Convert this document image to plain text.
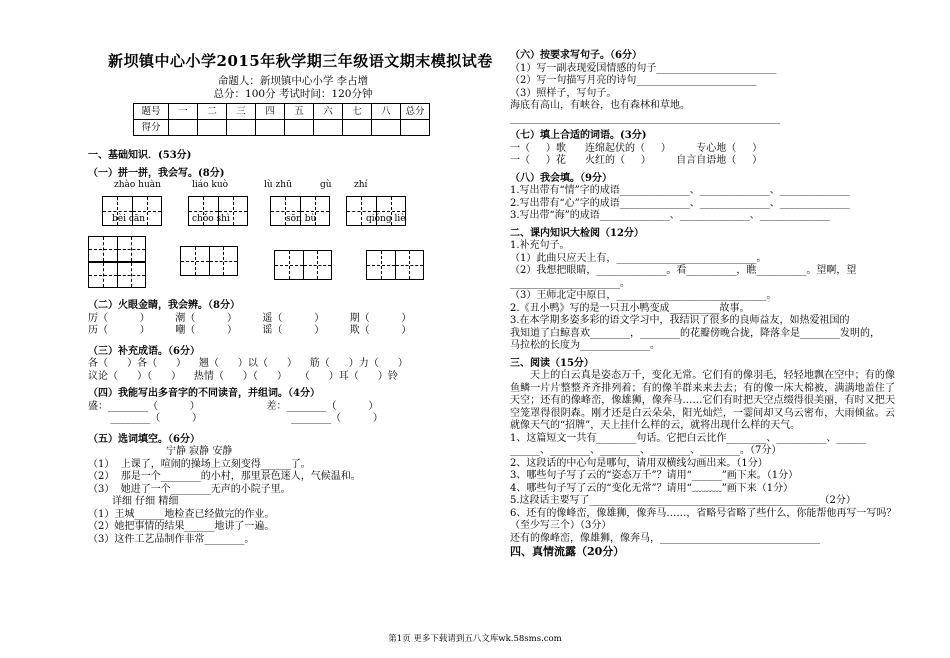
新坝镇中心小学2015年秋学期三年级语文期末模拟试卷
命题人：新坝镇中心小学 李占增
总分：100分 考试时间：120分钟
题号	一	二	三	四	五	六	七	八	总分
得分									
一、基础知识．(53分)
（一）拼一拼，我会写。(8分)
zhào huàn	liáo kuò	lù zhū	gù zhí
bèi cān	chǒo shì	sōn bù	qióng liè
（二）火眼金睛，我会辨。（8分）
厉（          ）        潮（          ）        遥（          ）        期（          ）
历（          ）        嘲（          ）        谣（          ）        欺（          ）
（三）补充成语。（6分）
各（      ）各（      ）    翘（      ）以（      ）    筋（      ）力（      ）
议论（      ）（      ）    热情（      ）（      ）    （      ）耳（      ）铃
（四）我能写出多音字的不同读音，并组词。（4分）
盛：________（          ）                     差：________（          ）
________（          ）                            ________（          ）
（五）选词填空。（6分）
宁静 寂静 安静
（1）  上课了，喧闹的操场上立刻变得______了。
（2）  那是一个________的小村，那里景色迷人，气候温和。
（3）  她进了一个________无声的小院子里。
详细 仔细 精细
（1）王城______地检查已经做完的作业。
（2）她把事情的结果______地讲了一遍。
（3）这件工艺品制作非常________。
（六）按要求写句子。（6分）
（1）写一副表现爱国情感的句子________________________
（2）写一句描写月亮的诗句________________________
（3）照样子，写句子。
海底有高山，有峡谷，也有森林和草地。
______________________________________________________
（七）填上合适的词语。(3分)
一（     ）歌      连绵起伏的（     ）        专心地（     ）
一（     ）花      火红的（     ）        自言自语地（     ）
（八）我会填。（9分）
1.写出带有“情”字的成语______________、______________、______________
2.写出带有“心”字的成语______________、______________、______________
3.写出带“海”的成语______________、______________、______________
二、课内知识大检阅（12分）
1.补充句子。
（1）此曲只应天上有，____________________________。
（2）我想把眼睛，______________。看__________，瞧__________。望啊，望
______________________。
（3）王师北定中原日，______________________________。
2.《丑小鸭》写的是一只丑小鸭变成__________故事。
3.在本学期多姿多彩的语文学习中，我结识了很多的良师益友，如热爱祖国的
我知道了白鲸喜欢________，________的花瓣傍晚合拢，降落伞是________发明的，
马拉松的长度为______________。
三、阅读（15分）
天上的白云真是姿态万千，变化无常。它们有的像羽毛，轻轻地飘在空中；有的像鱼鳞一片片整整齐齐排列着；有的像羊群来来去去；有的像一床大棉被，满满地盖住了天空；还有的像峰峦，像雄狮，像奔马……它们有时把天空点缀得很美丽，有时又把天空笼罩得很阴森。刚才还是白云朵朵，阳光灿烂，一霎间却又乌云密布，大雨倾盆。云就像天气的“招牌”，天上挂什么样的云，就将出现什么样的天气。
1、这篇短文一共有________句话。它把白云比作________、__________、______
______、________、________、________、________。（7分）
2、这段话的中心句是哪句，请用双横线勾画出来。（1分）
3、哪些句子写了云的“姿态万千”？请用“______”画下来。（1分）
4、哪些句子写了云的“变化无常”？请用“﹏﹏﹏”画下来（1分）
5.这段话主要写了______________________________________________（2分）
6、还有的像峰峦，像雄狮，像奔马……，省略号省略了些什么，你能帮他再写一写吗？
（至少写三个）（3分）
还有的像峰峦，像雄狮，像奔马，________________________________
四、真情流露（20分）
第1页 更多下载请到五八文库wk.58sms.com
